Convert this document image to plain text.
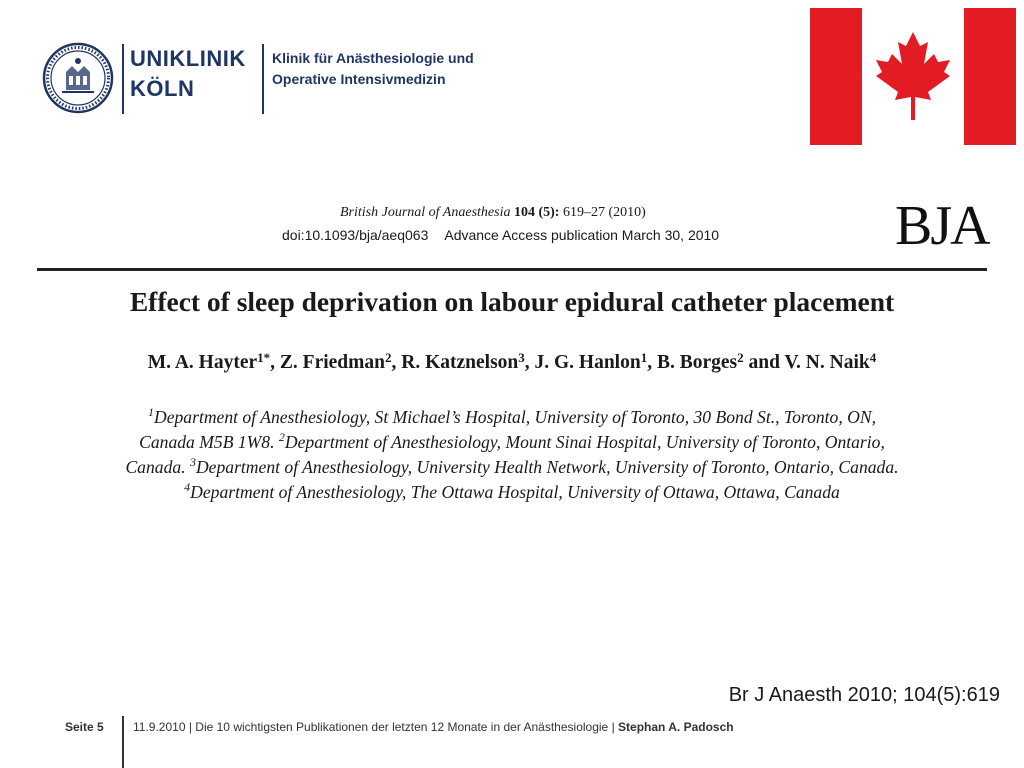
UNIKLINIK
KÖLN
Klinik für Anästhesiologie und
Operative Intensivmedizin
British Journal of Anaesthesia 104 (5): 619–27 (2010)
doi:10.1093/bja/aeq063 Advance Access publication March 30, 2010	BJA
Effect of sleep deprivation on labour epidural catheter placement
M. A. Hayter$^{1*}$, Z. Friedman$^2$, R. Katznelson$^3$, J. G. Hanlon$^1$, B. Borges$^2$ and V. N. Naik$^4$
$^1$Department of Anesthesiology, St Michael’s Hospital, University of Toronto, 30 Bond St., Toronto, ON,
Canada M5B 1W8. $^2$Department of Anesthesiology, Mount Sinai Hospital, University of Toronto, Ontario,
Canada. $^3$Department of Anesthesiology, University Health Network, University of Toronto, Ontario, Canada.
$^4$Department of Anesthesiology, The Ottawa Hospital, University of Ottawa, Ottawa, Canada
Br J Anaesth 2010; 104(5):619
Seite 5 11.9.2010 | Die 10 wichtigsten Publikationen der letzten 12 Monate in der Anästhesiologie | Stephan A. Padosch
